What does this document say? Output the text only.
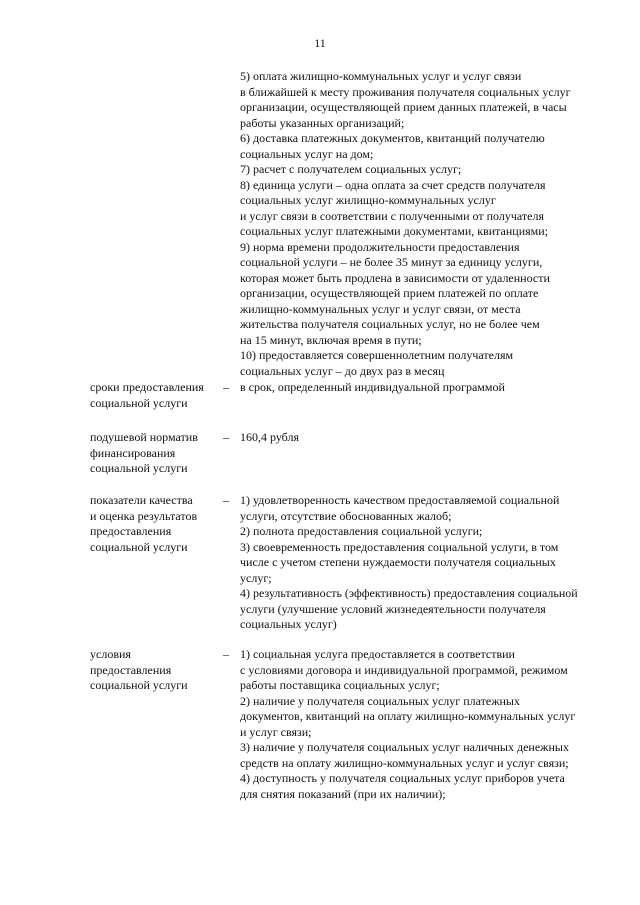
11
5) оплата жилищно-коммунальных услуг и услуг связи
в ближайшей к месту проживания получателя социальных услуг
организации, осуществляющей прием данных платежей, в часы
работы указанных организаций;
6) доставка платежных документов, квитанций получателю
социальных услуг на дом;
7) расчет с получателем социальных услуг;
8) единица услуги – одна оплата за счет средств получателя
социальных услуг жилищно-коммунальных услуг
и услуг связи в соответствии с полученными от получателя
социальных услуг платежными документами, квитанциями;
9) норма времени продолжительности предоставления
социальной услуги – не более 35 минут за единицу услуги,
которая может быть продлена в зависимости от удаленности
организации, осуществляющей прием платежей по оплате
жилищно-коммунальных услуг и услуг связи, от места
жительства получателя социальных услуг, но не более чем
на 15 минут, включая время в пути;
10) предоставляется совершеннолетним получателям
социальных услуг – до двух раз в месяц
сроки предоставления
социальной услуги
– в срок, определенный индивидуальной программой
подушевой норматив
финансирования
социальной услуги
– 160,4 рубля
показатели качества
и оценка результатов
предоставления
социальной услуги
– 1) удовлетворенность качеством предоставляемой социальной
услуги, отсутствие обоснованных жалоб;
2) полнота предоставления социальной услуги;
3) своевременность предоставления социальной услуги, в том
числе с учетом степени нуждаемости получателя социальных
услуг;
4) результативность (эффективность) предоставления социальной
услуги (улучшение условий жизнедеятельности получателя
социальных услуг)
условия
предоставления
социальной услуги
– 1) социальная услуга предоставляется в соответствии
с условиями договора и индивидуальной программой, режимом
работы поставщика социальных услуг;
2) наличие у получателя социальных услуг платежных
документов, квитанций на оплату жилищно-коммунальных услуг
и услуг связи;
3) наличие у получателя социальных услуг наличных денежных
средств на оплату жилищно-коммунальных услуг и услуг связи;
4) доступность у получателя социальных услуг приборов учета
для снятия показаний (при их наличии);
